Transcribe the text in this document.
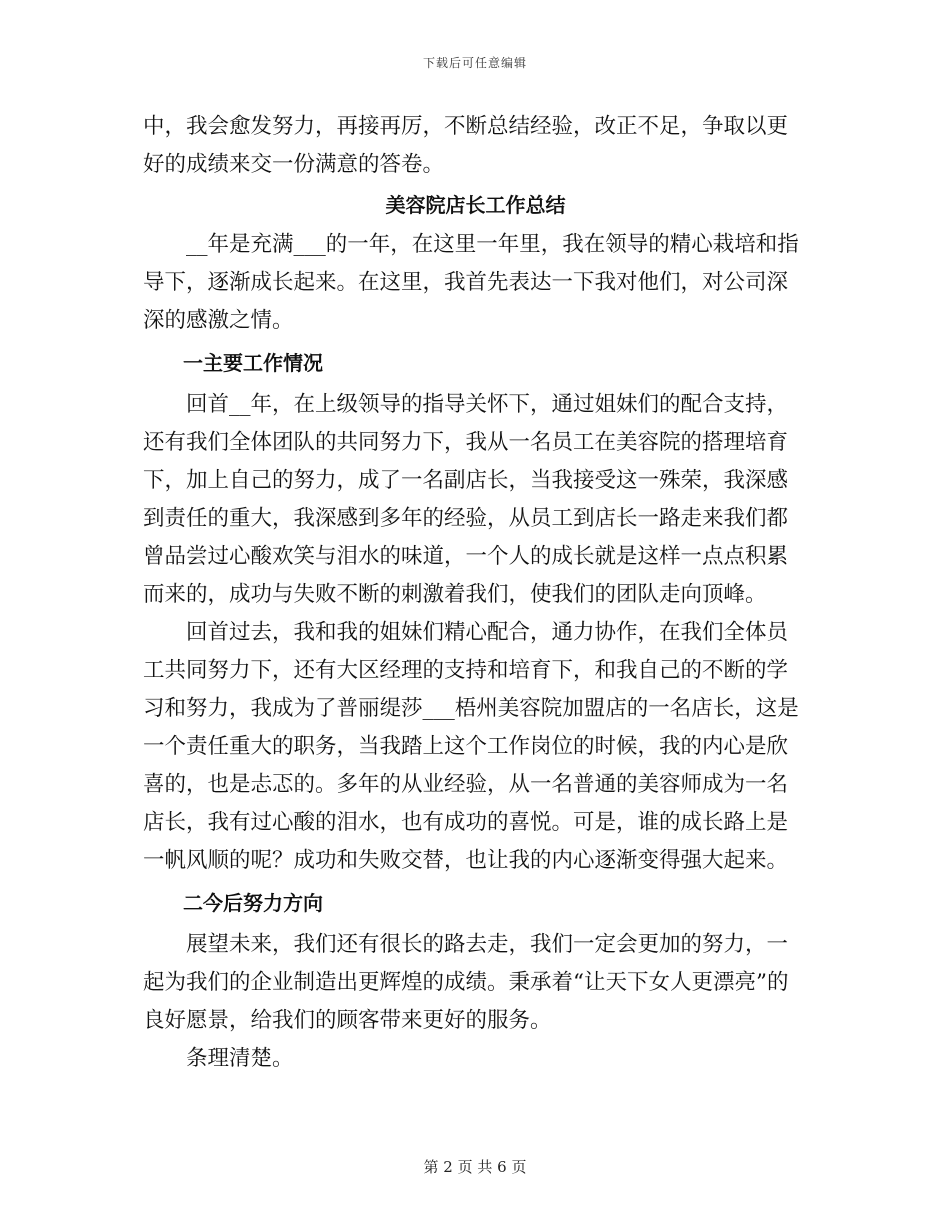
下载后可任意编辑

中，我会愈发努力，再接再厉，不断总结经验，改正不足，争取以更好的成绩来交一份满意的答卷。

美容院店长工作总结

__年是充满___的一年，在这里一年里，我在领导的精心栽培和指导下，逐渐成长起来。在这里，我首先表达一下我对他们，对公司深深的感激之情。

一主要工作情况

回首__年，在上级领导的指导关怀下，通过姐妹们的配合支持，还有我们全体团队的共同努力下，我从一名员工在美容院的搭理培育下，加上自己的努力，成了一名副店长，当我接受这一殊荣，我深感到责任的重大，我深感到多年的经验，从员工到店长一路走来我们都曾品尝过心酸欢笑与泪水的味道，一个人的成长就是这样一点点积累而来的，成功与失败不断的刺激着我们，使我们的团队走向顶峰。

回首过去，我和我的姐妹们精心配合，通力协作，在我们全体员工共同努力下，还有大区经理的支持和培育下，和我自己的不断的学习和努力，我成为了普丽缇莎___梧州美容院加盟店的一名店长，这是一个责任重大的职务，当我踏上这个工作岗位的时候，我的内心是欣喜的，也是忐忑的。多年的从业经验，从一名普通的美容师成为一名店长，我有过心酸的泪水，也有成功的喜悦。可是，谁的成长路上是一帆风顺的呢？成功和失败交替，也让我的内心逐渐变得强大起来。

二今后努力方向

展望未来，我们还有很长的路去走，我们一定会更加的努力，一起为我们的企业制造出更辉煌的成绩。秉承着“让天下女人更漂亮”的良好愿景，给我们的顾客带来更好的服务。

条理清楚。

第 2 页 共 6 页
